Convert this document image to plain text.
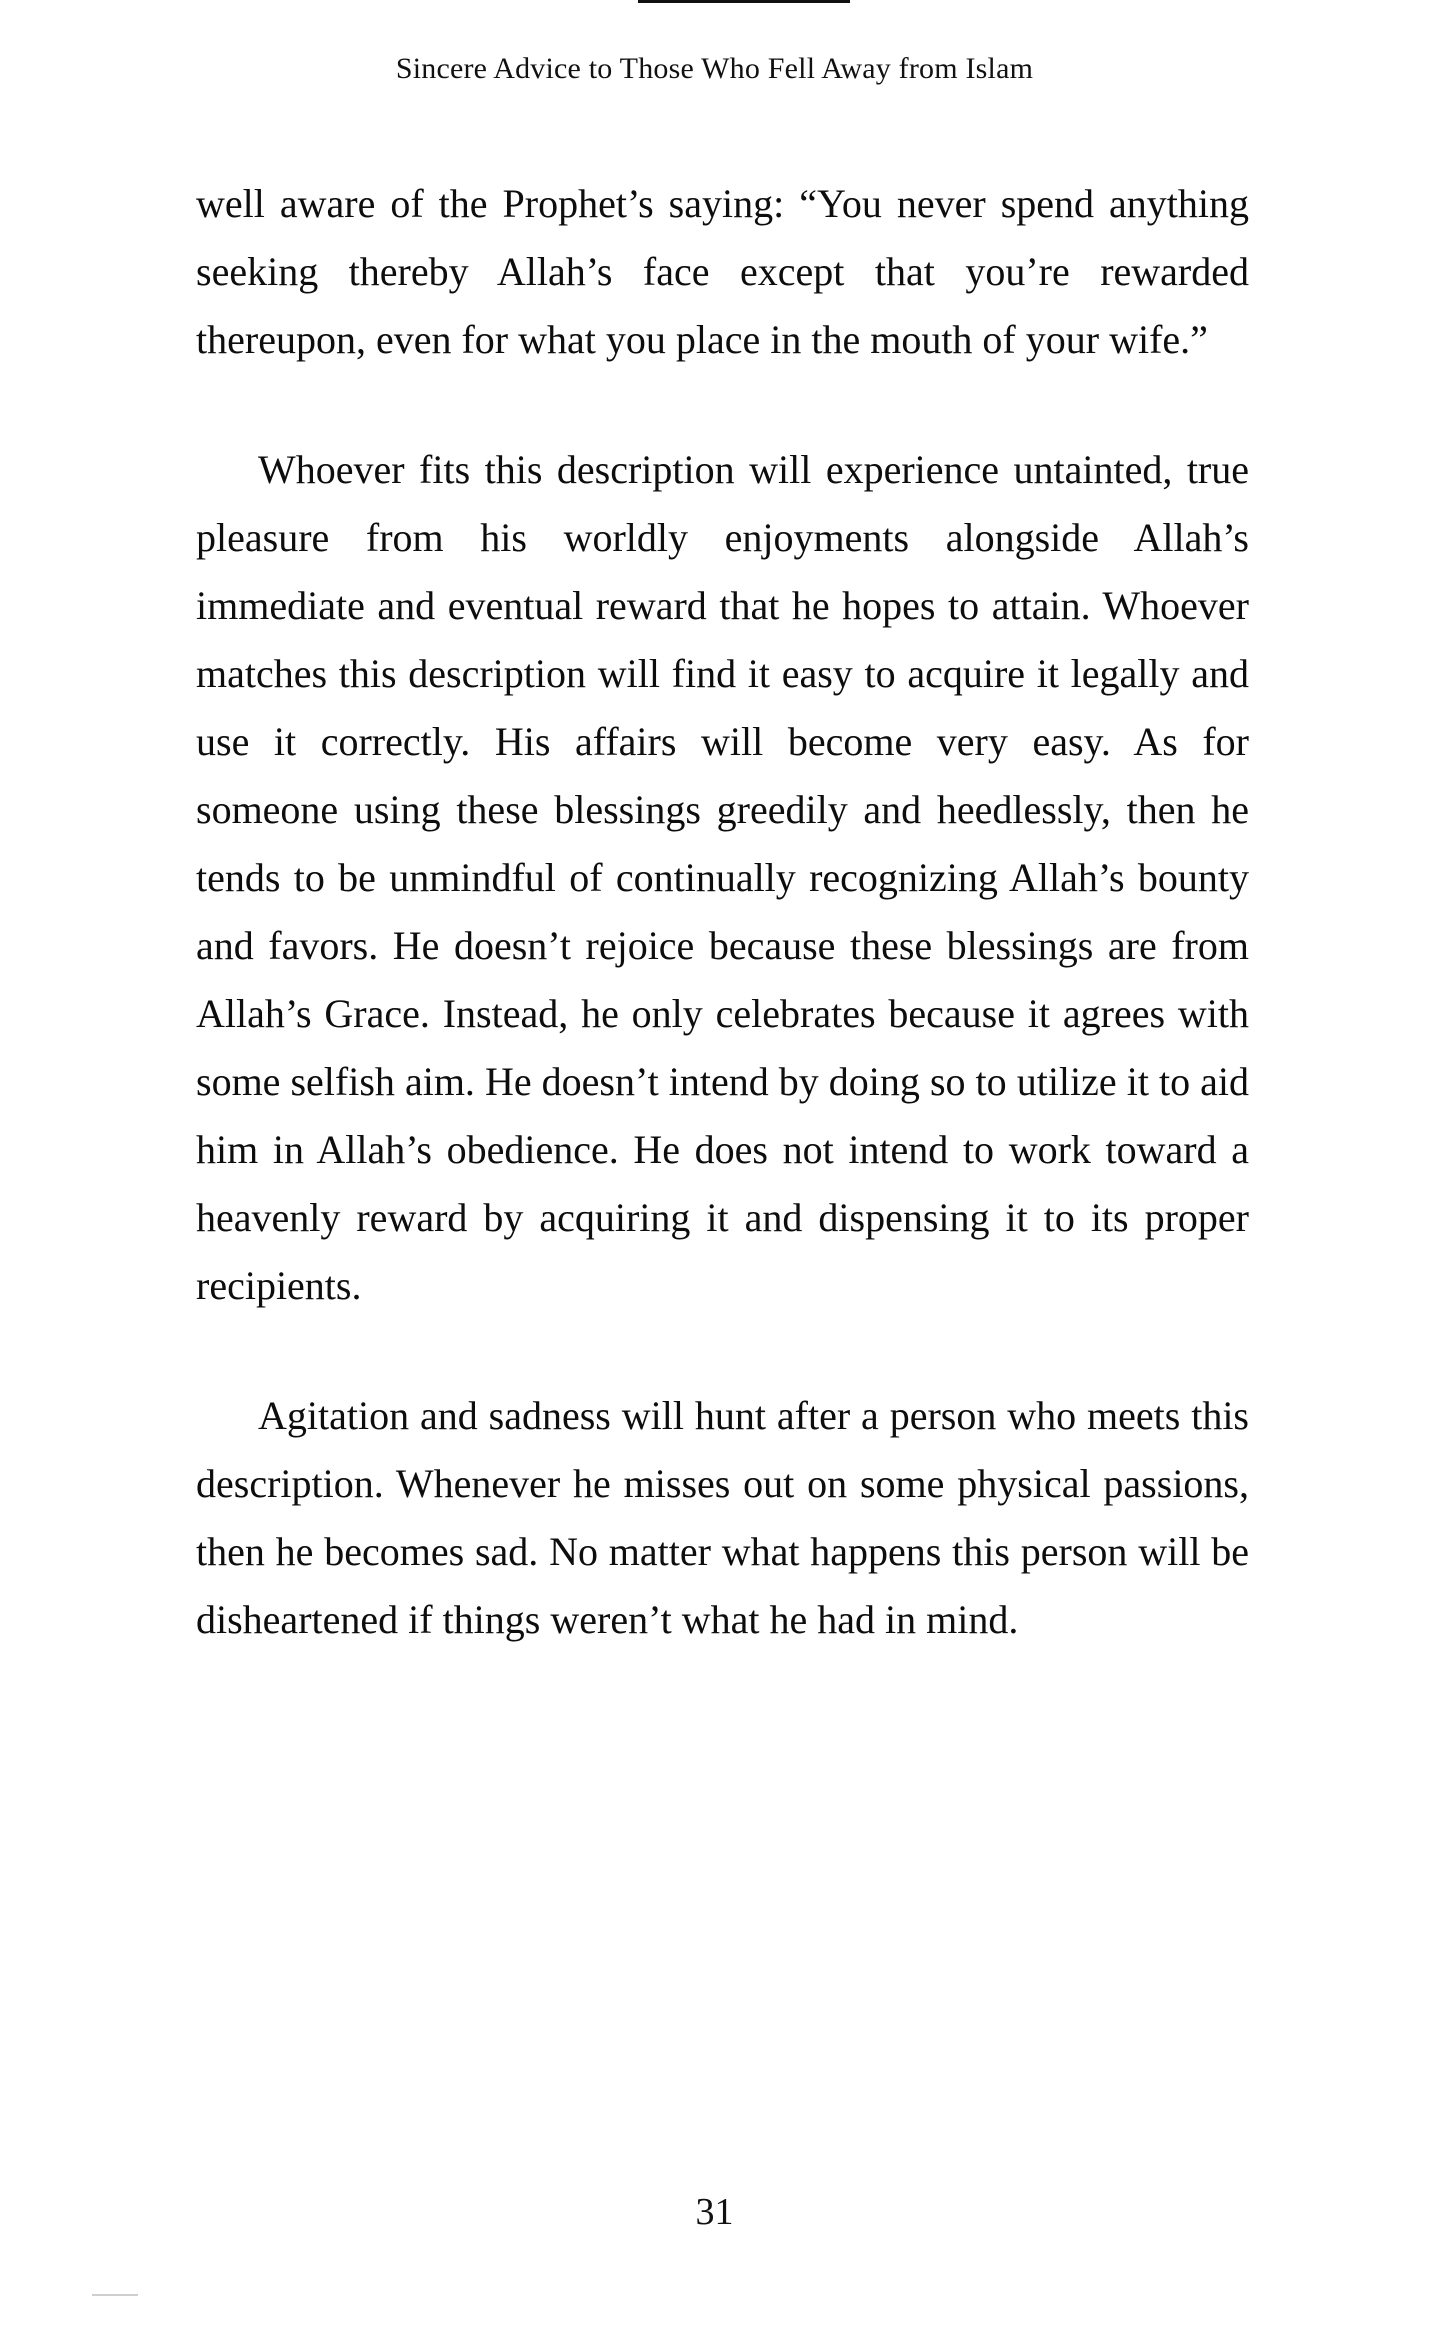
Sincere Advice to Those Who Fell Away from Islam

well aware of the Prophet’s saying: “You never spend anything seeking thereby Allah’s face except that you’re rewarded thereupon, even for what you place in the mouth of your wife.”

Whoever fits this description will experience untainted, true pleasure from his worldly enjoyments alongside Allah’s immediate and eventual reward that he hopes to attain. Whoever matches this description will find it easy to acquire it legally and use it correctly. His affairs will become very easy. As for someone using these blessings greedily and heedlessly, then he tends to be unmindful of continually recognizing Allah’s bounty and favors. He doesn’t rejoice because these blessings are from Allah’s Grace. Instead, he only celebrates because it agrees with some selfish aim. He doesn’t intend by doing so to utilize it to aid him in Allah’s obedience. He does not intend to work toward a heavenly reward by acquiring it and dispensing it to its proper recipients.

Agitation and sadness will hunt after a person who meets this description. Whenever he misses out on some physical passions, then he becomes sad. No matter what happens this person will be disheartened if things weren’t what he had in mind.

31
